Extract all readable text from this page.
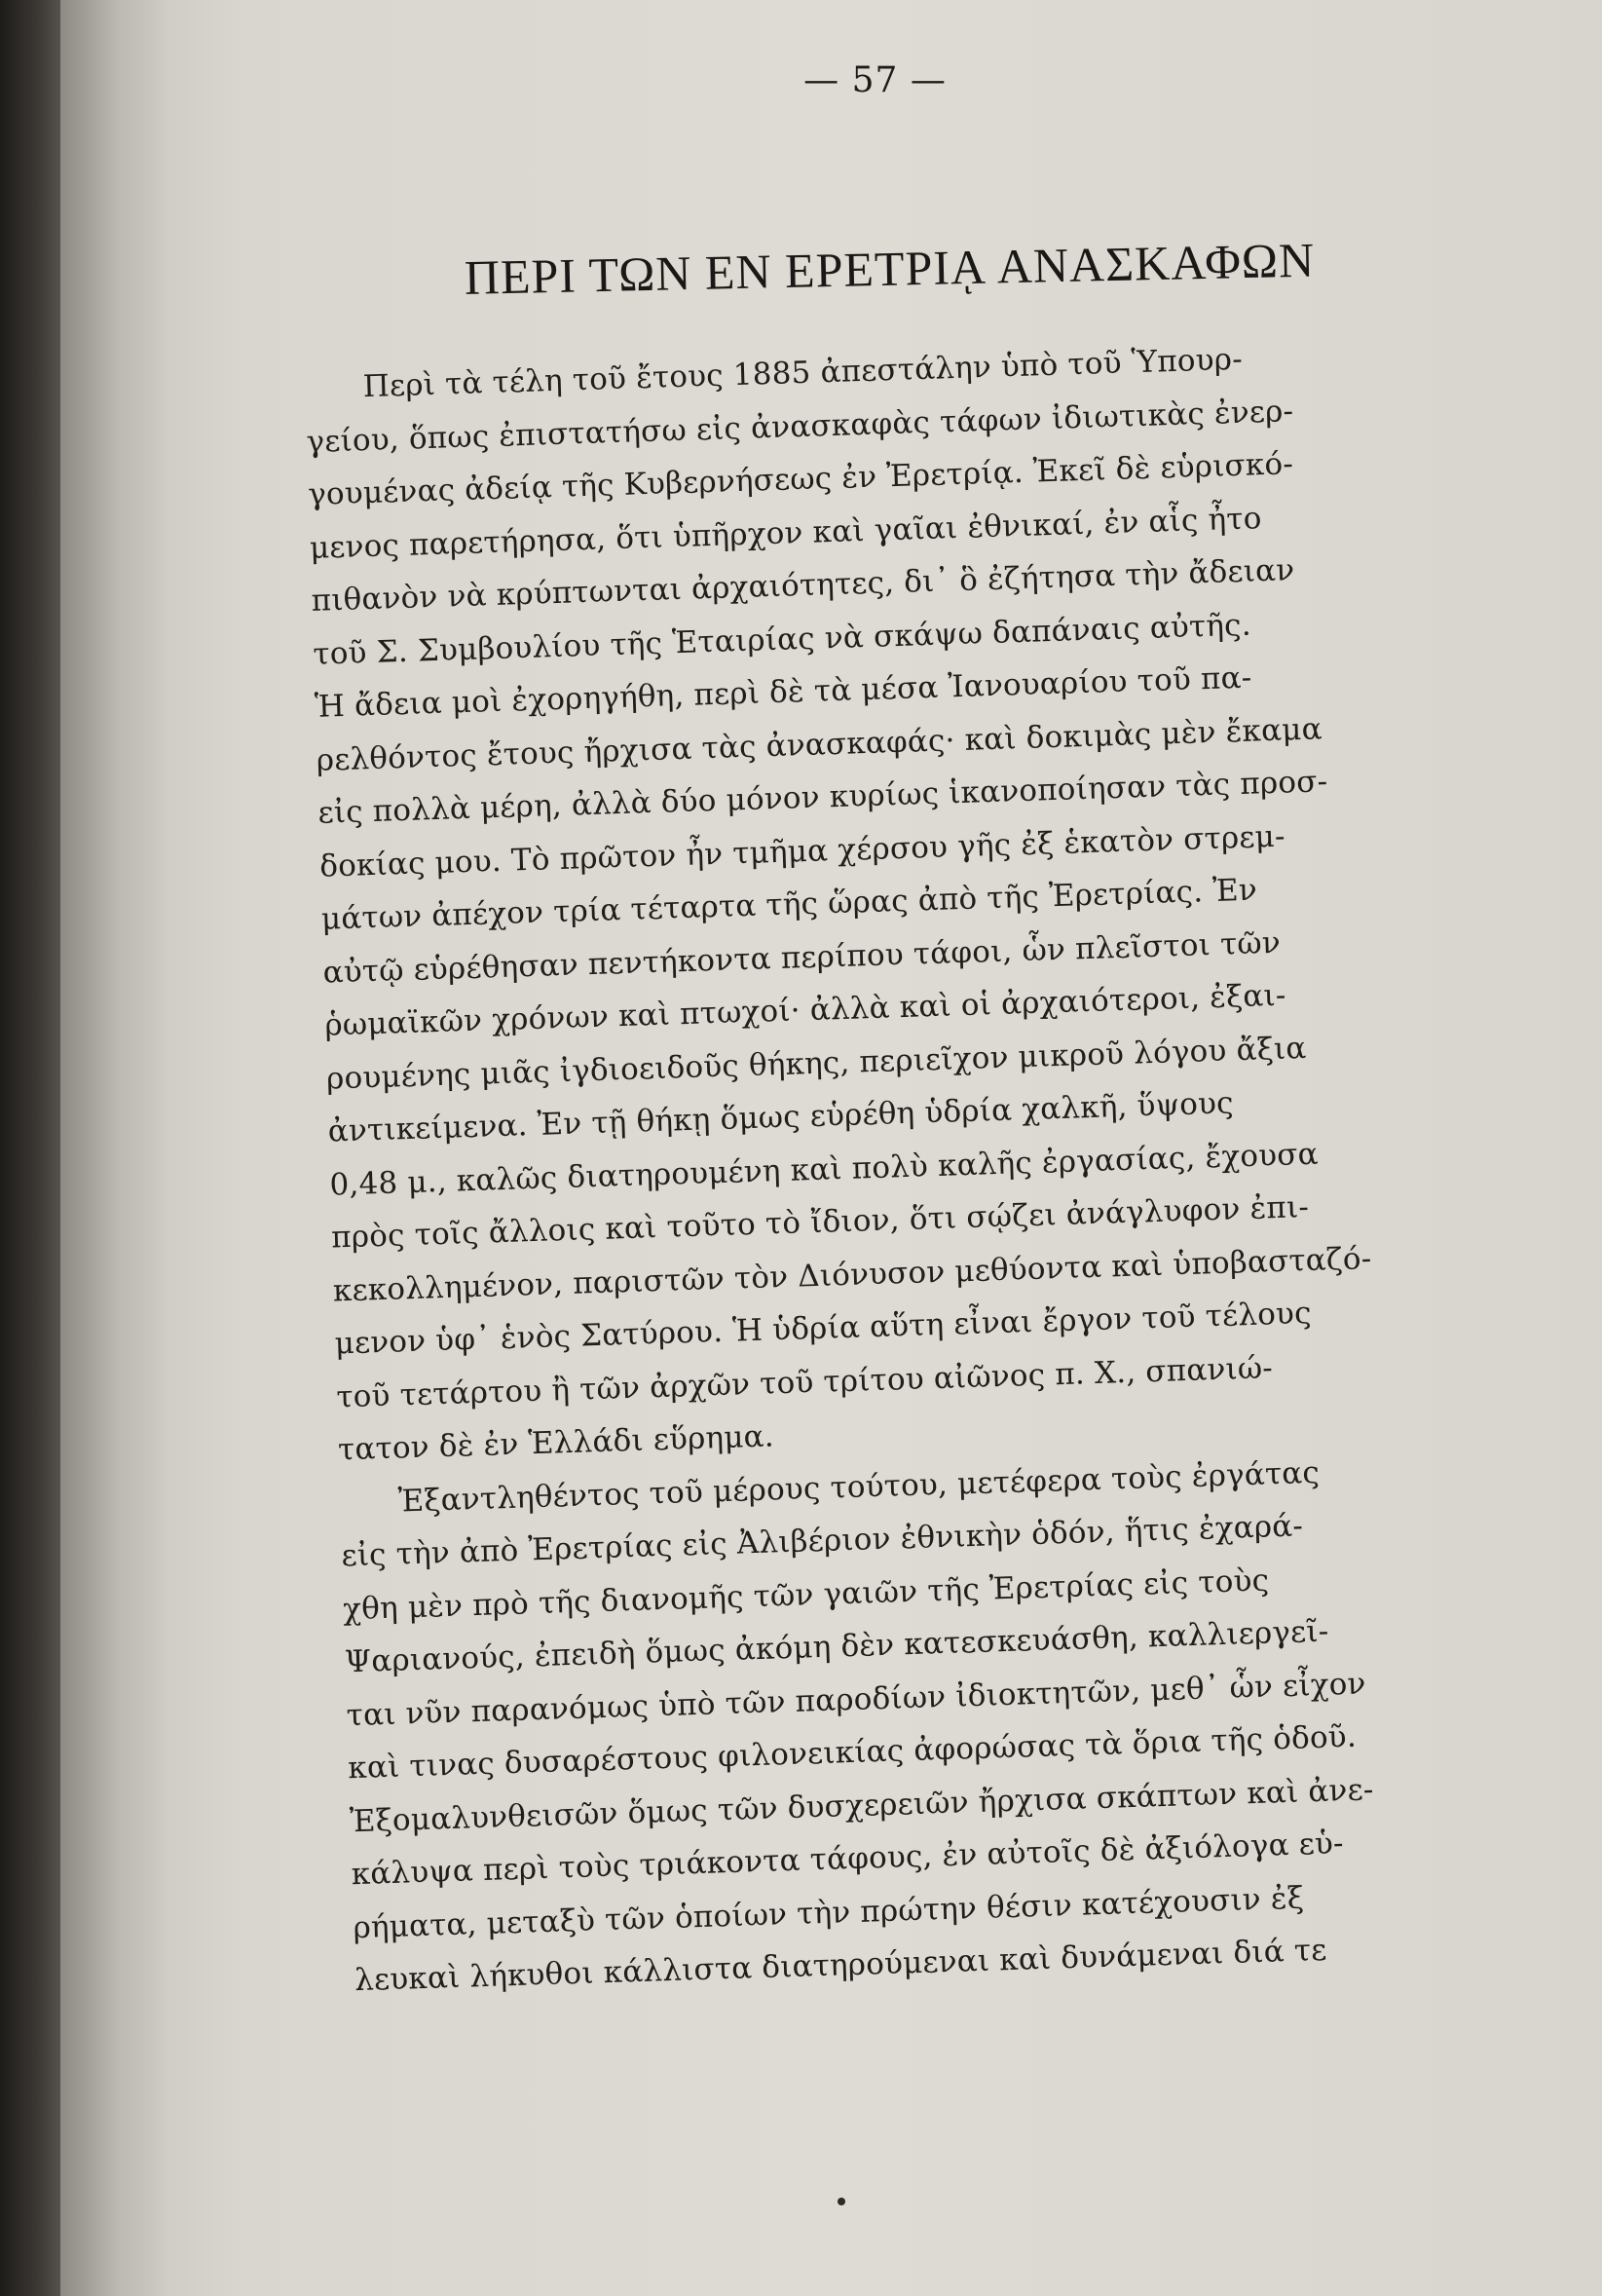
— 57 —
ΠΕΡΙ ΤΩΝ ΕΝ ΕΡΕΤΡΙᾼ ΑΝΑΣΚΑΦΩΝ
Περὶ τὰ τέλη τοῦ ἔτους 1885 ἀπεστάλην ὑπὸ τοῦ Ὑπουρ-
γείου, ὅπως ἐπιστατήσω εἰς ἀνασκαφὰς τάφων ἰδιωτικὰς ἐνερ-
γουμένας ἀδείᾳ τῆς Κυβερνήσεως ἐν Ἐρετρίᾳ. Ἐκεῖ δὲ εὑρισκό-
μενος παρετήρησα, ὅτι ὑπῆρχον καὶ γαῖαι ἐθνικαί, ἐν αἷς ἦτο
πιθανὸν νὰ κρύπτωνται ἀρχαιότητες, δι᾽ ὃ ἐζήτησα τὴν ἄδειαν
τοῦ Σ. Συμβουλίου τῆς Ἑταιρίας νὰ σκάψω δαπάναις αὐτῆς.
Ἡ ἄδεια μοὶ ἐχορηγήθη, περὶ δὲ τὰ μέσα Ἰανουαρίου τοῦ πα-
ρελθόντος ἔτους ἤρχισα τὰς ἀνασκαφάς· καὶ δοκιμὰς μὲν ἔκαμα
εἰς πολλὰ μέρη, ἀλλὰ δύο μόνον κυρίως ἱκανοποίησαν τὰς προσ-
δοκίας μου. Τὸ πρῶτον ἦν τμῆμα χέρσου γῆς ἐξ ἑκατὸν στρεμ-
μάτων ἀπέχον τρία τέταρτα τῆς ὥρας ἀπὸ τῆς Ἐρετρίας. Ἐν
αὐτῷ εὑρέθησαν πεντήκοντα περίπου τάφοι, ὧν πλεῖστοι τῶν
ῥωμαϊκῶν χρόνων καὶ πτωχοί· ἀλλὰ καὶ οἱ ἀρχαιότεροι, ἐξαι-
ρουμένης μιᾶς ἰγδιοειδοῦς θήκης, περιεῖχον μικροῦ λόγου ἄξια
ἀντικείμενα. Ἐν τῇ θήκῃ ὅμως εὑρέθη ὑδρία χαλκῆ, ὕψους
0,48 μ., καλῶς διατηρουμένη καὶ πολὺ καλῆς ἐργασίας, ἔχουσα
πρὸς τοῖς ἄλλοις καὶ τοῦτο τὸ ἴδιον, ὅτι σῴζει ἀνάγλυφον ἐπι-
κεκολλημένον, παριστῶν τὸν Διόνυσον μεθύοντα καὶ ὑποβασταζό-
μενον ὑφ᾽ ἑνὸς Σατύρου. Ἡ ὑδρία αὕτη εἶναι ἔργον τοῦ τέλους
τοῦ τετάρτου ἢ τῶν ἀρχῶν τοῦ τρίτου αἰῶνος π. Χ., σπανιώ-
τατον δὲ ἐν Ἑλλάδι εὕρημα.
Ἐξαντληθέντος τοῦ μέρους τούτου, μετέφερα τοὺς ἐργάτας
εἰς τὴν ἀπὸ Ἐρετρίας εἰς Ἀλιβέριον ἐθνικὴν ὁδόν, ἥτις ἐχαρά-
χθη μὲν πρὸ τῆς διανομῆς τῶν γαιῶν τῆς Ἐρετρίας εἰς τοὺς
Ψαριανούς, ἐπειδὴ ὅμως ἀκόμη δὲν κατεσκευάσθη, καλλιεργεῖ-
ται νῦν παρανόμως ὑπὸ τῶν παροδίων ἰδιοκτητῶν, μεθ᾽ ὧν εἶχον
καὶ τινας δυσαρέστους φιλονεικίας ἀφορώσας τὰ ὅρια τῆς ὁδοῦ.
Ἐξομαλυνθεισῶν ὅμως τῶν δυσχερειῶν ἤρχισα σκάπτων καὶ ἀνε-
κάλυψα περὶ τοὺς τριάκοντα τάφους, ἐν αὐτοῖς δὲ ἀξιόλογα εὑ-
ρήματα, μεταξὺ τῶν ὁποίων τὴν πρώτην θέσιν κατέχουσιν ἐξ
λευκαὶ λήκυθοι κάλλιστα διατηρούμεναι καὶ δυνάμεναι διά τε
